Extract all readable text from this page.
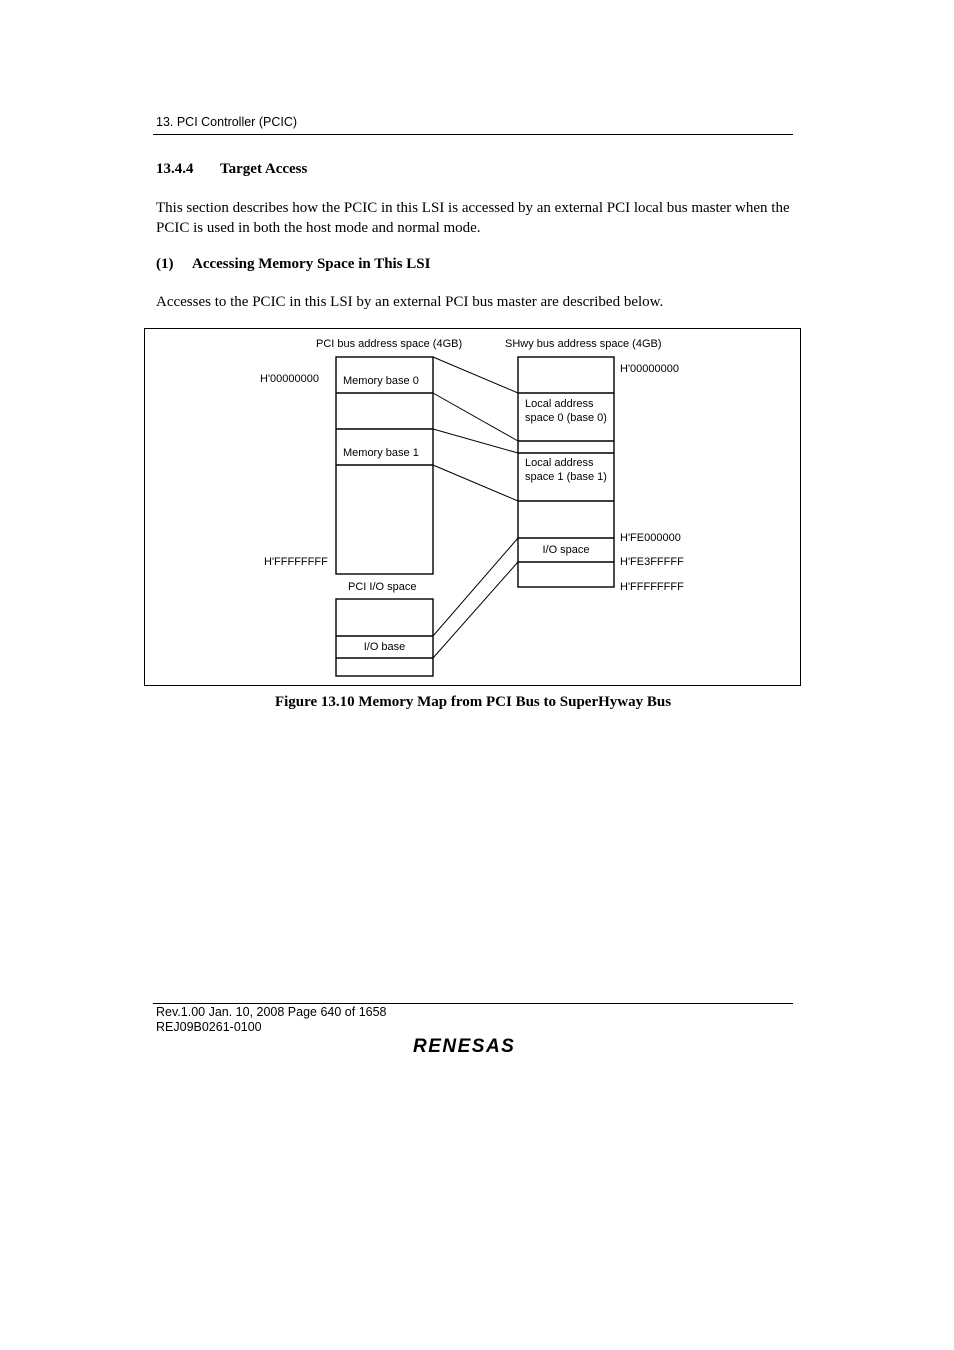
13. PCI Controller (PCIC)
13.4.4 Target Access
This section describes how the PCIC in this LSI is accessed by an external PCI local bus master when the PCIC is used in both the host mode and normal mode.
(1) Accessing Memory Space in This LSI
Accesses to the PCIC in this LSI by an external PCI bus master are described below.
PCI bus address space (4GB)	SHwy bus address space (4GB)
H'00000000
H'FFFFFFFF
Memory base 0
Memory base 1
PCI I/O space
I/O base
Local address
space 0 (base 0)
Local address
space 1 (base 1)
I/O space
H'00000000
H'FE000000
H'FE3FFFFF
H'FFFFFFFF
Figure 13.10 Memory Map from PCI Bus to SuperHyway Bus
Rev.1.00 Jan. 10, 2008 Page 640 of 1658
REJ09B0261-0100
RENESAS
